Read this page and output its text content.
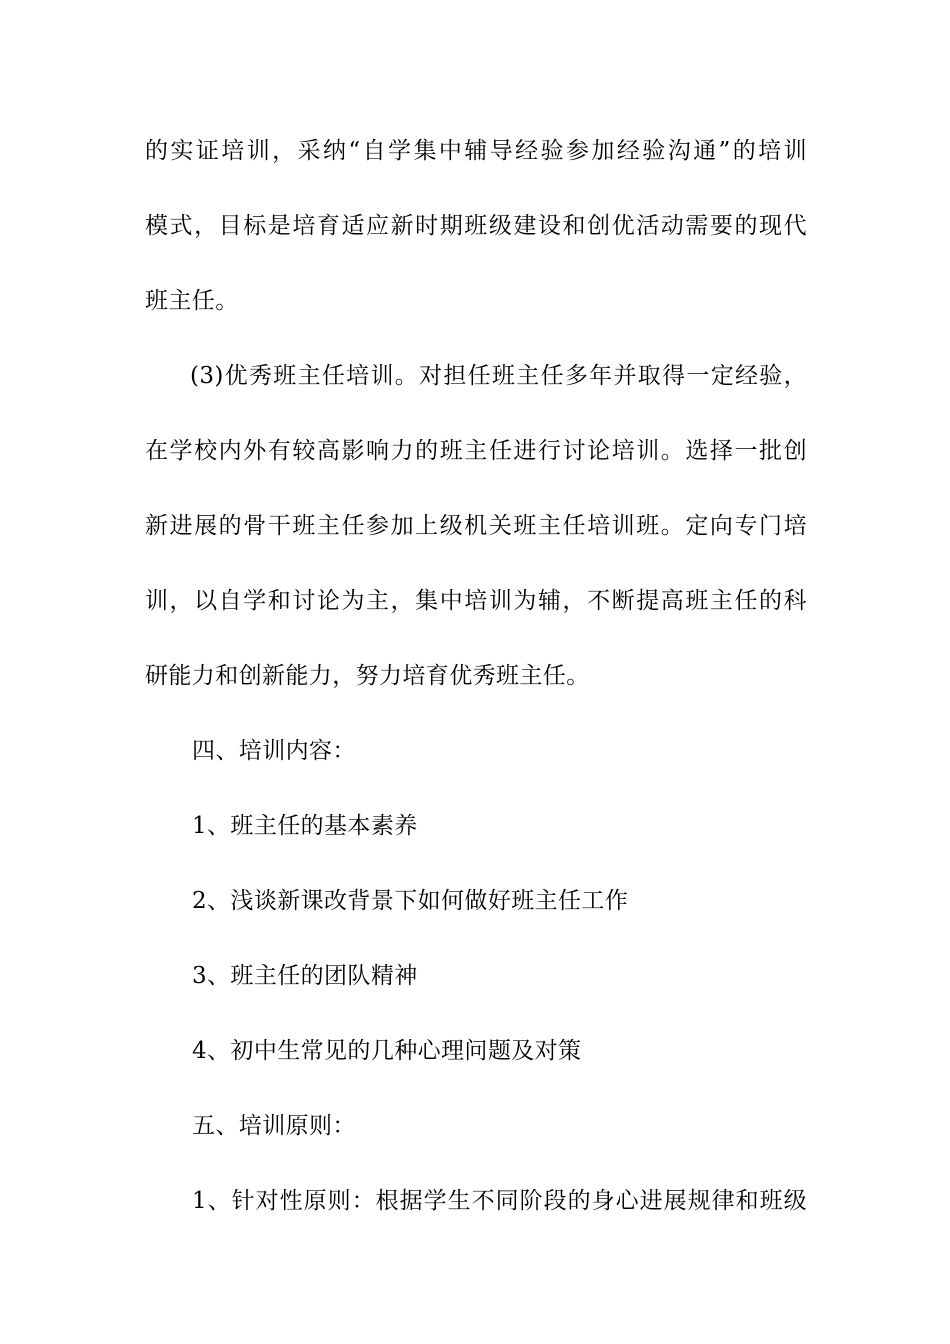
的实证培训，采纳“自学集中辅导经验参加经验沟通”的培训
模式，目标是培育适应新时期班级建设和创优活动需要的现代
班主任。
(3)优秀班主任培训。对担任班主任多年并取得一定经验，
在学校内外有较高影响力的班主任进行讨论培训。选择一批创
新进展的骨干班主任参加上级机关班主任培训班。定向专门培
训，以自学和讨论为主，集中培训为辅，不断提高班主任的科
研能力和创新能力，努力培育优秀班主任。
四、培训内容：
1、班主任的基本素养
2、浅谈新课改背景下如何做好班主任工作
3、班主任的团队精神
4、初中生常见的几种心理问题及对策
五、培训原则：
1、针对性原则：根据学生不同阶段的身心进展规律和班级
